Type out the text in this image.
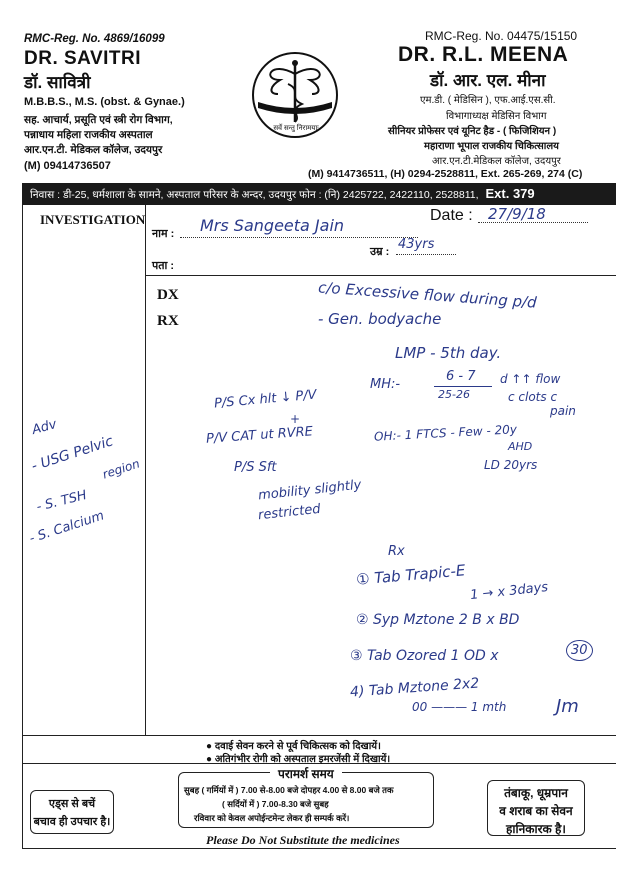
RMC-Reg. No. 4869/16099
DR. SAVITRI
डॉ. सावित्री
M.B.B.S., M.S. (obst. & Gynae.)
सह. आचार्य, प्रसूति एवं स्त्री रोग विभाग,
पन्नाधाय महिला राजकीय अस्पताल
आर.एन.टी. मेडिकल कॉलेज, उदयपुर
(M) 09414736507
सर्वे सन्तु निरामयाः
RMC-Reg. No. 04475/15150
DR. R.L. MEENA
डॉ. आर. एल. मीना
एम.डी. ( मेडिसिन ), एफ.आई.एस.सी.
विभागाध्यक्ष मेडिसिन विभाग
सीनियर प्रोफेसर एवं यूनिट हैड - ( फिजिशियन )
महाराणा भूपाल राजकीय चिकित्सालय
आर.एन.टी.मेडिकल कॉलेज, उदयपुर
(M) 9414736511, (H) 0294-2528811, Ext. 265-269, 274 (C)
निवास : डी-25, धर्मशाला के सामने, अस्पताल परिसर के अन्दर, उदयपुर फोन : (नि) 2425722, 2422110, 2528811, Ext. 379
INVESTIGATION
नाम :
उम्र :
Date :
पता :
DX
RX
Mrs Sangeeta Jain
43yrs
27/9/18
c/o Excessive flow during p/d
- Gen. bodyache
LMP - 5th day.
MH:-
6 - 7
25-26
d ↑↑ flow
c clots c
pain
P/S Cx hlt ↓ P/V
+
P/V CAT ut RVRE	OH:- 1 FTCS - Few - 20y
AHD
LD 20yrs
P/S Sft
mobility slightly
restricted
Adv
- USG Pelvic
region
- S. TSH
- S. Calcium
Rx
① Tab Trapic-E
1 → x 3days
② Syp Mztone 2 B x BD
③ Tab Ozored 1 OD x	30
4) Tab Mztone 2x2
00 ——— 1 mth	Jm
● दवाई सेवन करने से पूर्व चिकित्सक को दिखायें।
● अतिगंभीर रोगी को अस्पताल इमरजेंसी में दिखायें।
परामर्श समय
सुबह ( गर्मियों में ) 7.00 से-8.00 बजे दोपहर 4.00 से 8.00 बजे तक
( सर्दियों में ) 7.00-8.30 बजे सुबह
रविवार को केवल अपोईन्टमेन्ट लेकर ही सम्पर्क करें।
एड्स से बचें
बचाव ही उपचार है।
तंबाकू, धूम्रपान
व शराब का सेवन
हानिकारक है।
Please Do Not Substitute the medicines
